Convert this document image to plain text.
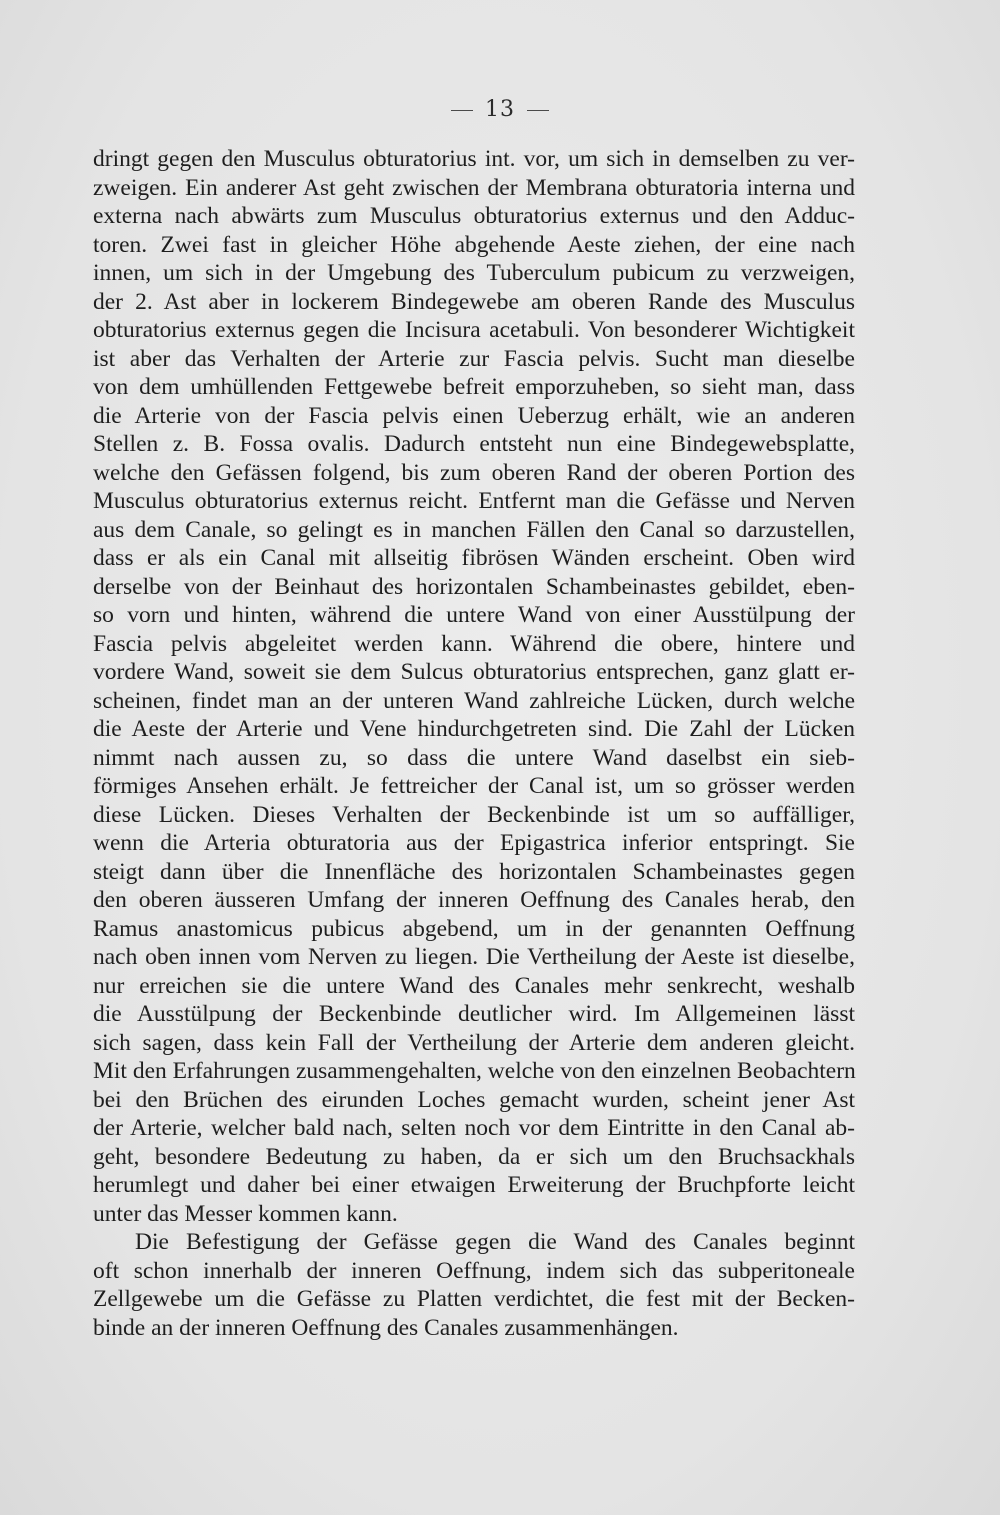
13
dringt gegen den Musculus obturatorius int. vor, um sich in demselben zu ver-
zweigen. Ein anderer Ast geht zwischen der Membrana obturatoria interna und
externa nach abwärts zum Musculus obturatorius externus und den Adduc-
toren. Zwei fast in gleicher Höhe abgehende Aeste ziehen, der eine nach
innen, um sich in der Umgebung des Tuberculum pubicum zu verzweigen,
der 2. Ast aber in lockerem Bindegewebe am oberen Rande des Musculus
obturatorius externus gegen die Incisura acetabuli. Von besonderer Wichtigkeit
ist aber das Verhalten der Arterie zur Fascia pelvis. Sucht man dieselbe
von dem umhüllenden Fettgewebe befreit emporzuheben, so sieht man, dass
die Arterie von der Fascia pelvis einen Ueberzug erhält, wie an anderen
Stellen z. B. Fossa ovalis. Dadurch entsteht nun eine Bindegewebsplatte,
welche den Gefässen folgend, bis zum oberen Rand der oberen Portion des
Musculus obturatorius externus reicht. Entfernt man die Gefässe und Nerven
aus dem Canale, so gelingt es in manchen Fällen den Canal so darzustellen,
dass er als ein Canal mit allseitig fibrösen Wänden erscheint. Oben wird
derselbe von der Beinhaut des horizontalen Schambeinastes gebildet, eben-
so vorn und hinten, während die untere Wand von einer Ausstülpung der
Fascia pelvis abgeleitet werden kann. Während die obere, hintere und
vordere Wand, soweit sie dem Sulcus obturatorius entsprechen, ganz glatt er-
scheinen, findet man an der unteren Wand zahlreiche Lücken, durch welche
die Aeste der Arterie und Vene hindurchgetreten sind. Die Zahl der Lücken
nimmt nach aussen zu, so dass die untere Wand daselbst ein sieb-
förmiges Ansehen erhält. Je fettreicher der Canal ist, um so grösser werden
diese Lücken. Dieses Verhalten der Beckenbinde ist um so auffälliger,
wenn die Arteria obturatoria aus der Epigastrica inferior entspringt. Sie
steigt dann über die Innenfläche des horizontalen Schambeinastes gegen
den oberen äusseren Umfang der inneren Oeffnung des Canales herab, den
Ramus anastomicus pubicus abgebend, um in der genannten Oeffnung
nach oben innen vom Nerven zu liegen. Die Vertheilung der Aeste ist dieselbe,
nur erreichen sie die untere Wand des Canales mehr senkrecht, weshalb
die Ausstülpung der Beckenbinde deutlicher wird. Im Allgemeinen lässt
sich sagen, dass kein Fall der Vertheilung der Arterie dem anderen gleicht.
Mit den Erfahrungen zusammengehalten, welche von den einzelnen Beobachtern
bei den Brüchen des eirunden Loches gemacht wurden, scheint jener Ast
der Arterie, welcher bald nach, selten noch vor dem Eintritte in den Canal ab-
geht, besondere Bedeutung zu haben, da er sich um den Bruchsackhals
herumlegt und daher bei einer etwaigen Erweiterung der Bruchpforte leicht
unter das Messer kommen kann.
Die Befestigung der Gefässe gegen die Wand des Canales beginnt
oft schon innerhalb der inneren Oeffnung, indem sich das subperitoneale
Zellgewebe um die Gefässe zu Platten verdichtet, die fest mit der Becken-
binde an der inneren Oeffnung des Canales zusammenhängen.
